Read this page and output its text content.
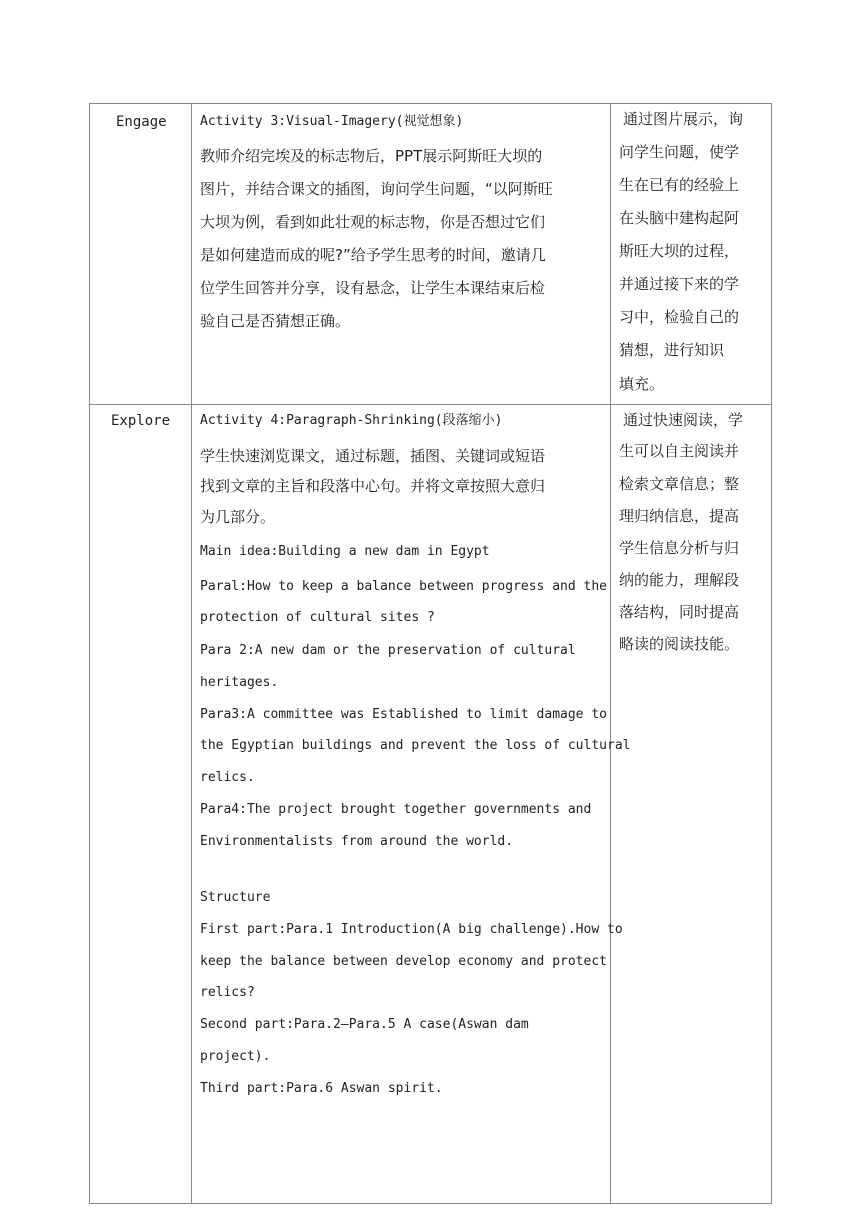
Engage	Activity 3:Visual-Imagery(视觉想象)
教师介绍完埃及的标志物后，PPT展示阿斯旺大坝的
图片，并结合课文的插图，询问学生问题，“以阿斯旺
大坝为例，看到如此壮观的标志物，你是否想过它们
是如何建造而成的呢?”给予学生思考的时间，邀请几
位学生回答并分享，设有悬念，让学生本课结束后检
验自己是否猜想正确。
通过图片展示，询
问学生问题，使学
生在已有的经验上
在头脑中建构起阿
斯旺大坝的过程，
并通过接下来的学
习中，检验自己的
猜想，进行知识
填充。
Explore Activity 4:Paragraph-Shrinking(段落缩小)
学生快速浏览课文，通过标题，插图、关键词或短语
找到文章的主旨和段落中心句。并将文章按照大意归
为几部分。
Main idea:Building a new dam in Egypt
Paral:How to keep a balance between progress and the
protection of cultural sites ?
Para 2:A new dam or the preservation of cultural
heritages.
Para3:A committee was Established to limit damage to
the Egyptian buildings and prevent the loss of cultural
relics.
Para4:The project brought together governments and
Environmentalists from around the world.
Structure
First part:Para.1 Introduction(A big challenge).How to
keep the balance between develop economy and protect
relics?
Second part:Para.2—Para.5 A case(Aswan dam
project).
Third part:Para.6 Aswan spirit.
通过快速阅读，学
生可以自主阅读并
检索文章信息；整
理归纳信息，提高
学生信息分析与归
纳的能力，理解段
落结构，同时提高
略读的阅读技能。
